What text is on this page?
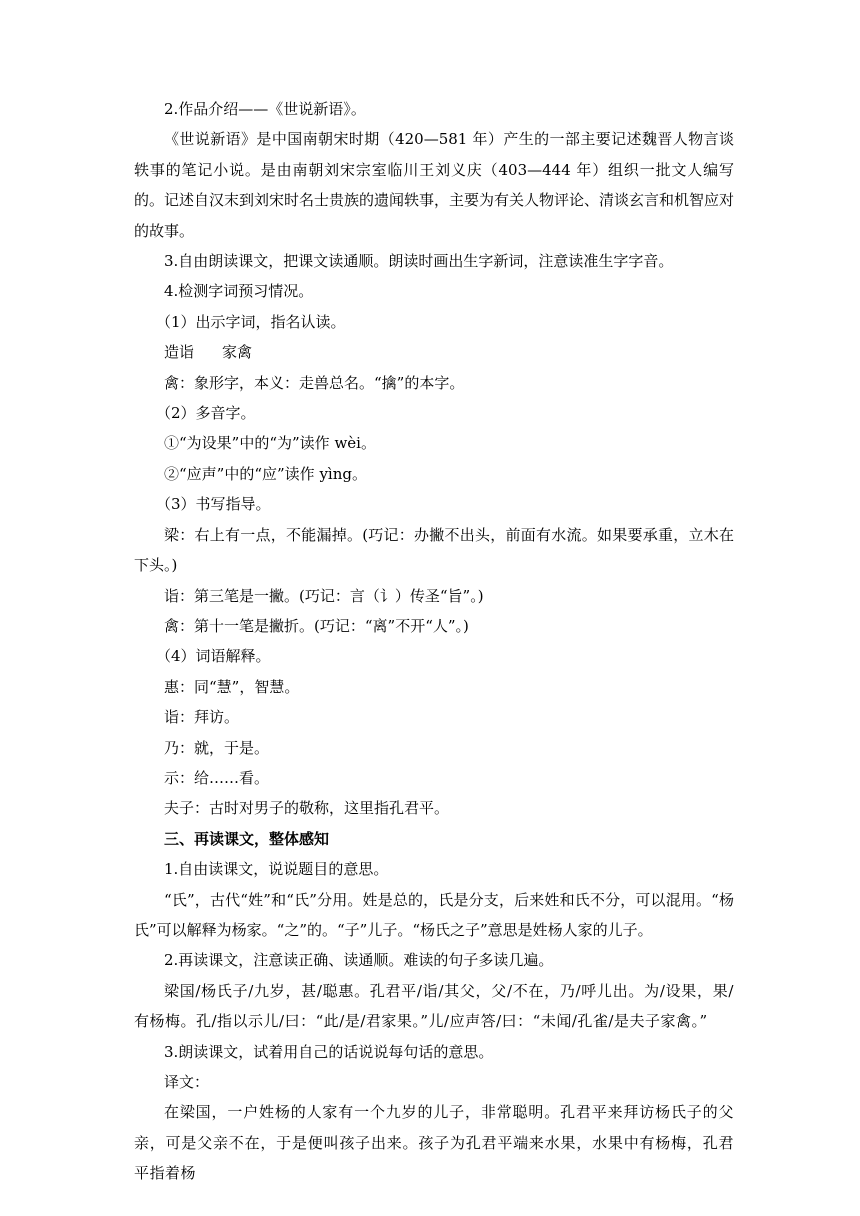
2.作品介绍——《世说新语》。

《世说新语》是中国南朝宋时期（420—581 年）产生的一部主要记述魏晋人物言谈轶事的笔记小说。是由南朝刘宋宗室临川王刘义庆（403—444 年）组织一批文人编写的。记述自汉末到刘宋时名士贵族的遗闻轶事，主要为有关人物评论、清谈玄言和机智应对的故事。

3.自由朗读课文，把课文读通顺。朗读时画出生字新词，注意读准生字字音。

4.检测字词预习情况。

（1）出示字词，指名认读。

造诣 家禽

禽：象形字，本义：走兽总名。“擒”的本字。

（2）多音字。

①“为设果”中的“为”读作 wèi。

②“应声”中的“应”读作 yìng。

（3）书写指导。

梁：右上有一点，不能漏掉。(巧记：办撇不出头，前面有水流。如果要承重，立木在下头。)

诣：第三笔是一撇。(巧记：言（讠）传圣“旨”。)

禽：第十一笔是撇折。(巧记：“离”不开“人”。)

（4）词语解释。

惠：同“慧”，智慧。

诣：拜访。

乃：就，于是。

示：给……看。

夫子：古时对男子的敬称，这里指孔君平。

三、再读课文，整体感知

1.自由读课文，说说题目的意思。

“氏”，古代“姓”和“氏”分用。姓是总的，氏是分支，后来姓和氏不分，可以混用。“杨氏”可以解释为杨家。“之”的。“子”儿子。“杨氏之子”意思是姓杨人家的儿子。

2.再读课文，注意读正确、读通顺。难读的句子多读几遍。

梁国/杨氏子/九岁，甚/聪惠。孔君平/诣/其父，父/不在，乃/呼儿出。为/设果，果/有杨梅。孔/指以示儿/曰：“此/是/君家果。”儿/应声答/曰：“未闻/孔雀/是夫子家禽。”

3.朗读课文，试着用自己的话说说每句话的意思。

译文：

在梁国，一户姓杨的人家有一个九岁的儿子，非常聪明。孔君平来拜访杨氏子的父亲，可是父亲不在，于是便叫孩子出来。孩子为孔君平端来水果，水果中有杨梅，孔君平指着杨
